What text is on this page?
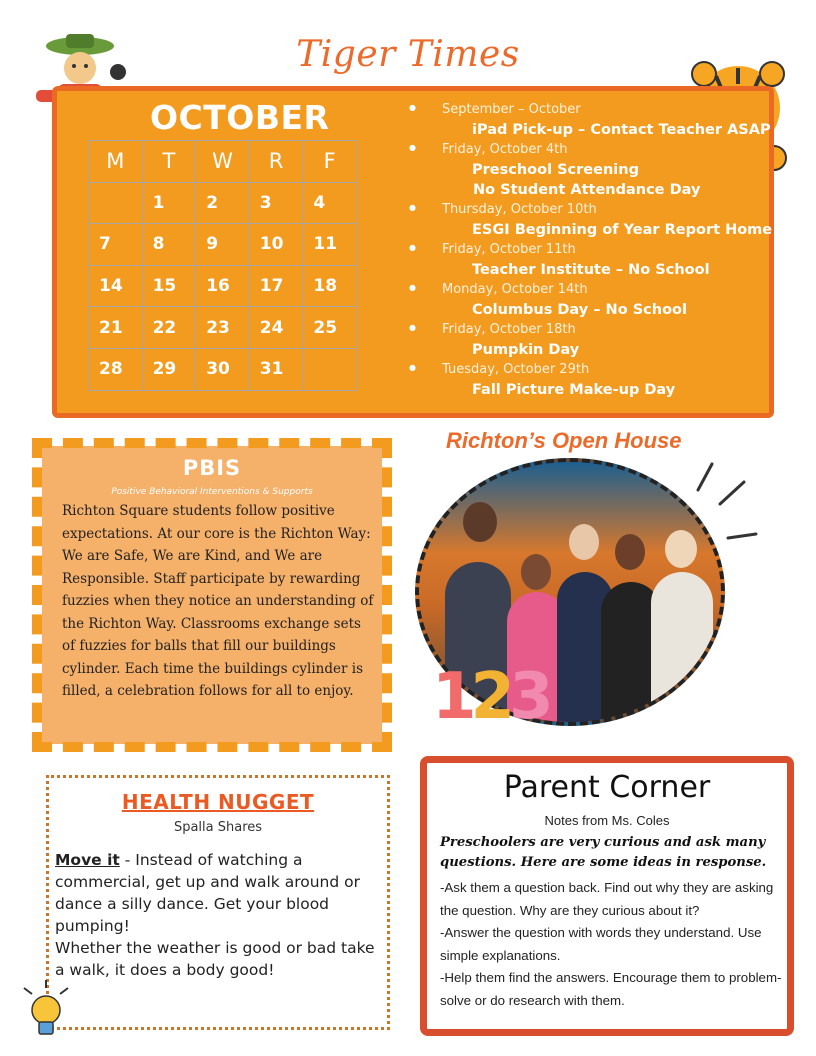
Tiger Times
OCTOBER
M	T	W	R	F
	1	2	3	4
7	8	9	10	11
14	15	16	17	18
21	22	23	24	25
28	29	30	31	
● September – October
iPad Pick-up – Contact Teacher ASAP
● Friday, October 4th
Preschool Screening
No Student Attendance Day
● Thursday, October 10th
ESGI Beginning of Year Report Home
● Friday, October 11th
Teacher Institute – No School
● Monday, October 14th
Columbus Day – No School
● Friday, October 18th
Pumpkin Day
● Tuesday, October 29th
Fall Picture Make-up Day
PBIS
Positive Behavioral Interventions & Supports
Richton Square students follow positive expectations. At our core is the Richton Way: We are Safe, We are Kind, and We are Responsible. Staff participate by rewarding fuzzies when they notice an understanding of the Richton Way. Classrooms exchange sets of fuzzies for balls that fill our buildings cylinder. Each time the buildings cylinder is filled, a celebration follows for all to enjoy.
Richton’s Open House
123
HEALTH NUGGET
Spalla Shares
Move it - Instead of watching a commercial, get up and walk around or dance a silly dance. Get your blood pumping!
Whether the weather is good or bad take a walk, it does a body good!
Parent Corner
Notes from Ms. Coles
Preschoolers are very curious and ask many questions. Here are some ideas in response.
-Ask them a question back. Find out why they are asking the question. Why are they curious about it?
-Answer the question with words they understand. Use simple explanations.
-Help them find the answers. Encourage them to problem-solve or do research with them.
